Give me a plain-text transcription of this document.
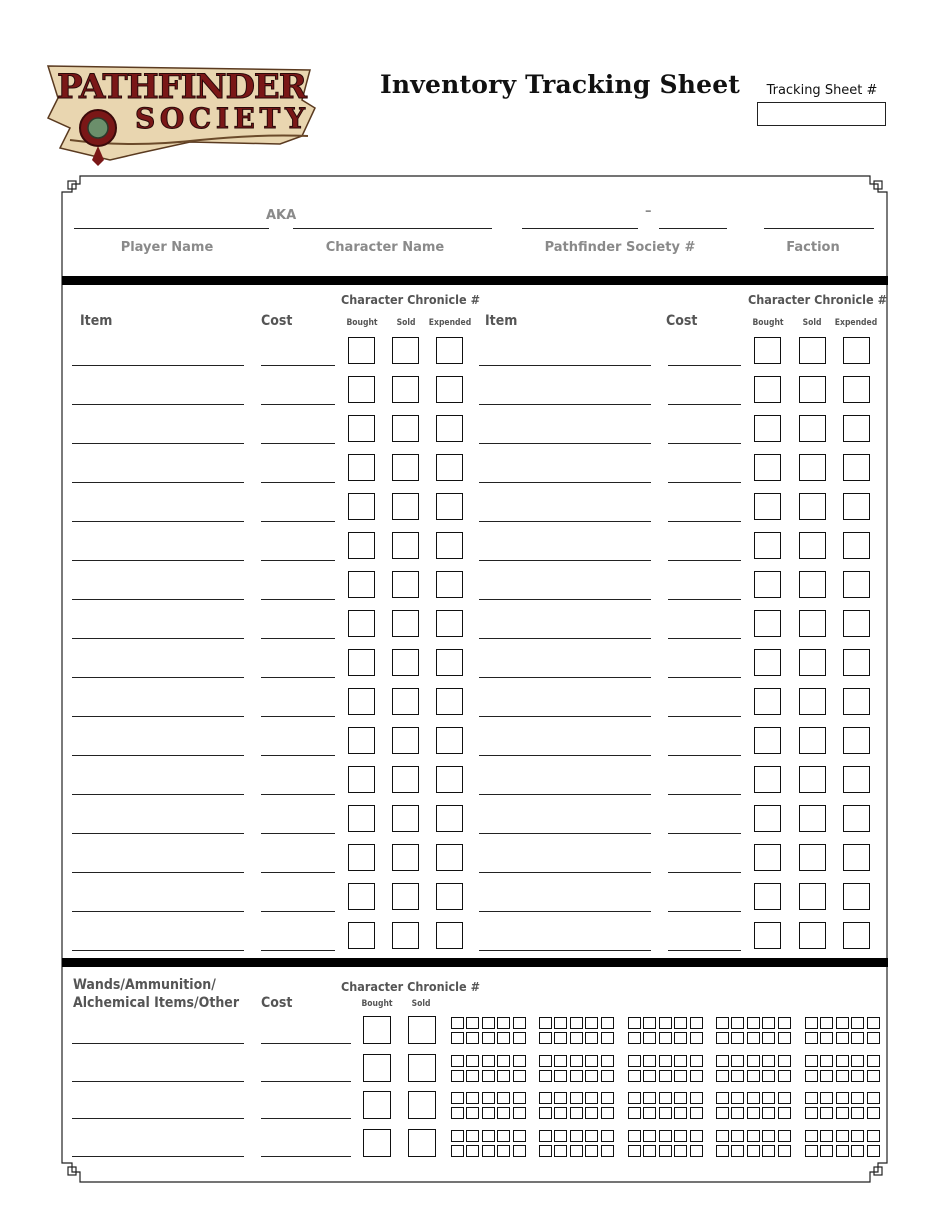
PATHFINDER
SOCIETY
Inventory Tracking Sheet	Tracking Sheet #
AKA	–
Player Name	Character Name	Pathfinder Society #	Faction
Character Chronicle #
Item	Cost	Bought	Sold	Expended
Character Chronicle #
Item	Cost	Bought	Sold	Expended
Wands/Ammunition/
Alchemical Items/Other Cost
Character Chronicle #
Bought	Sold
